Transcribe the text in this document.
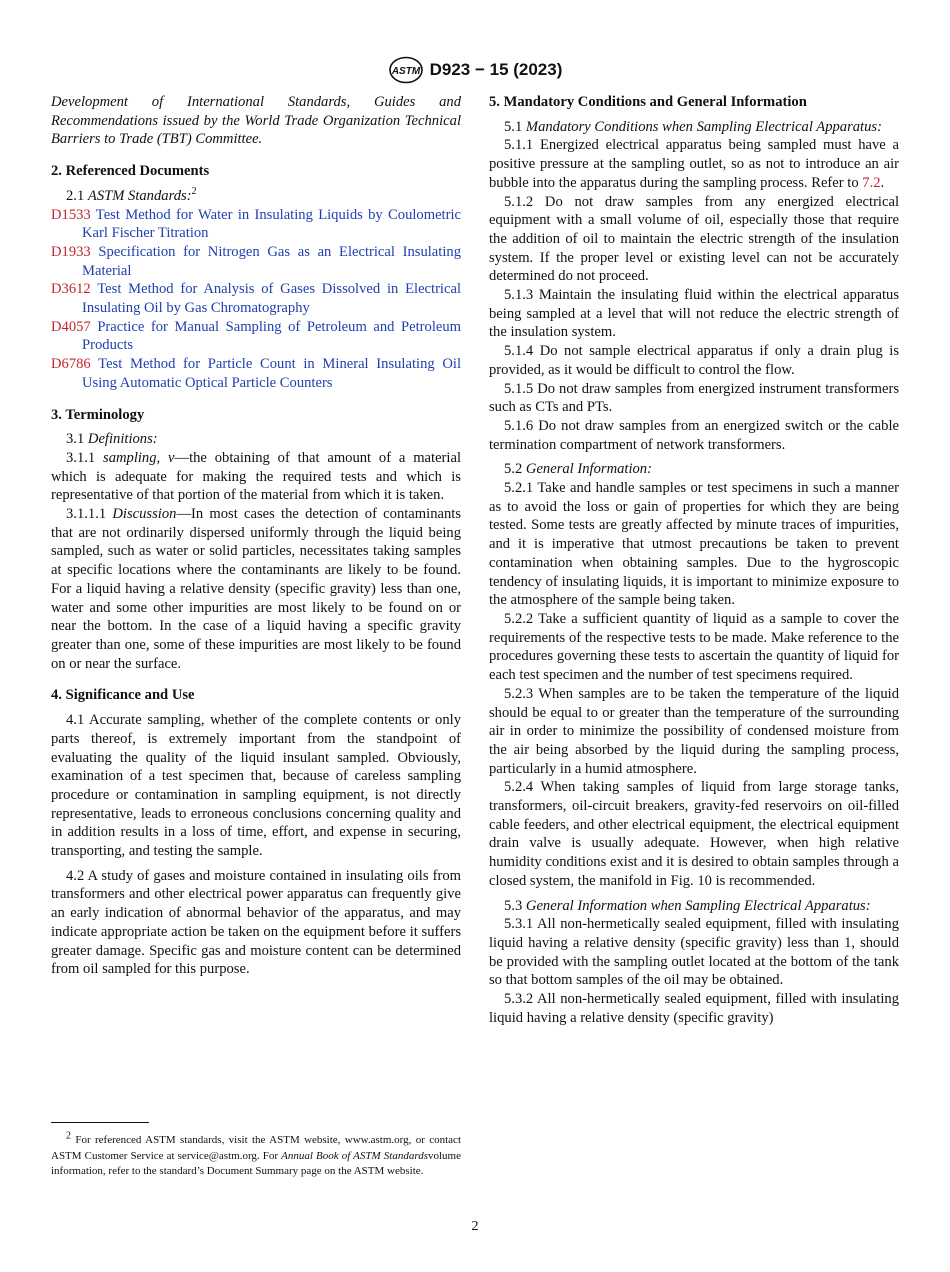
ASTM D923 − 15 (2023)

Development of International Standards, Guides and Recommendations issued by the World Trade Organization Technical Barriers to Trade (TBT) Committee.

2. Referenced Documents

2.1 ASTM Standards:$^2$

D1533 Test Method for Water in Insulating Liquids by Coulometric Karl Fischer Titration

D1933 Specification for Nitrogen Gas as an Electrical Insulating Material

D3612 Test Method for Analysis of Gases Dissolved in Electrical Insulating Oil by Gas Chromatography

D4057 Practice for Manual Sampling of Petroleum and Petroleum Products

D6786 Test Method for Particle Count in Mineral Insulating Oil Using Automatic Optical Particle Counters

3. Terminology

3.1 Definitions:

3.1.1 sampling, v—the obtaining of that amount of a material which is adequate for making the required tests and which is representative of that portion of the material from which it is taken.

3.1.1.1 Discussion—In most cases the detection of contaminants that are not ordinarily dispersed uniformly through the liquid being sampled, such as water or solid particles, necessitates taking samples at specific locations where the contaminants are likely to be found. For a liquid having a relative density (specific gravity) less than one, water and some other impurities are most likely to be found on or near the bottom. In the case of a liquid having a specific gravity greater than one, some of these impurities are most likely to be found on or near the surface.

4. Significance and Use

4.1 Accurate sampling, whether of the complete contents or only parts thereof, is extremely important from the standpoint of evaluating the quality of the liquid insulant sampled. Obviously, examination of a test specimen that, because of careless sampling procedure or contamination in sampling equipment, is not directly representative, leads to erroneous conclusions concerning quality and in addition results in a loss of time, effort, and expense in securing, transporting, and testing the sample.

4.2 A study of gases and moisture contained in insulating oils from transformers and other electrical power apparatus can frequently give an early indication of abnormal behavior of the apparatus, and may indicate appropriate action be taken on the equipment before it suffers greater damage. Specific gas and moisture content can be determined from oil sampled for this purpose.

5. Mandatory Conditions and General Information

5.1 Mandatory Conditions when Sampling Electrical Apparatus:

5.1.1 Energized electrical apparatus being sampled must have a positive pressure at the sampling outlet, so as not to introduce an air bubble into the apparatus during the sampling process. Refer to 7.2.

5.1.2 Do not draw samples from any energized electrical equipment with a small volume of oil, especially those that require the addition of oil to maintain the electric strength of the insulation system. If the proper level or existing level can not be accurately determined do not proceed.

5.1.3 Maintain the insulating fluid within the electrical apparatus being sampled at a level that will not reduce the electric strength of the insulation system.

5.1.4 Do not sample electrical apparatus if only a drain plug is provided, as it would be difficult to control the flow.

5.1.5 Do not draw samples from energized instrument transformers such as CTs and PTs.

5.1.6 Do not draw samples from an energized switch or the cable termination compartment of network transformers.

5.2 General Information:

5.2.1 Take and handle samples or test specimens in such a manner as to avoid the loss or gain of properties for which they are being tested. Some tests are greatly affected by minute traces of impurities, and it is imperative that utmost precautions be taken to prevent contamination when obtaining samples. Due to the hygroscopic tendency of insulating liquids, it is important to minimize exposure to the atmosphere of the sample being taken.

5.2.2 Take a sufficient quantity of liquid as a sample to cover the requirements of the respective tests to be made. Make reference to the procedures governing these tests to ascertain the quantity of liquid for each test specimen and the number of test specimens required.

5.2.3 When samples are to be taken the temperature of the liquid should be equal to or greater than the temperature of the surrounding air in order to minimize the possibility of condensed moisture from the air being absorbed by the liquid during the sampling process, particularly in a humid atmosphere.

5.2.4 When taking samples of liquid from large storage tanks, transformers, oil-circuit breakers, gravity-fed reservoirs on oil-filled cable feeders, and other electrical equipment, the electrical equipment drain valve is usually adequate. However, when high relative humidity conditions exist and it is desired to obtain samples through a closed system, the manifold in Fig. 10 is recommended.

5.3 General Information when Sampling Electrical Apparatus:

5.3.1 All non-hermetically sealed equipment, filled with insulating liquid having a relative density (specific gravity) less than 1, should be provided with the sampling outlet located at the bottom of the tank so that bottom samples of the oil may be obtained.

5.3.2 All non-hermetically sealed equipment, filled with insulating liquid having a relative density (specific gravity)

$^2$ For referenced ASTM standards, visit the ASTM website, www.astm.org, or contact ASTM Customer Service at service@astm.org. For Annual Book of ASTM Standardsvolume information, refer to the standard’s Document Summary page on the ASTM website.

2
